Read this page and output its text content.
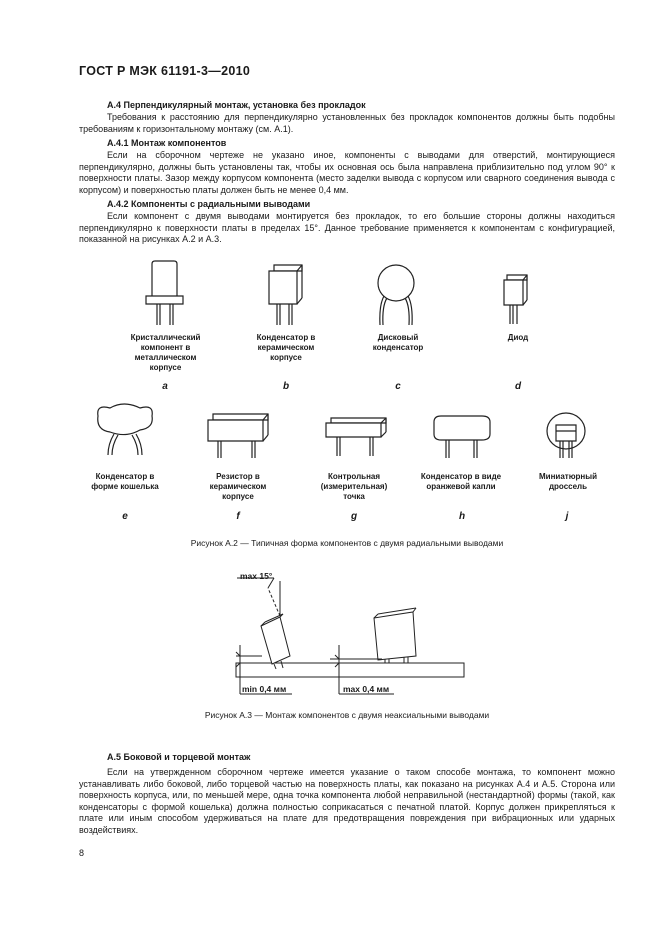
ГОСТ Р МЭК 61191-3—2010
А.4 Перпендикулярный монтаж, установка без прокладок
Требования к расстоянию для перпендикулярно установленных без прокладок компонентов должны быть подобны требованиям к горизонтальному монтажу (см. А.1).
А.4.1 Монтаж компонентов
Если на сборочном чертеже не указано иное, компоненты с выводами для отверстий, монтирующиеся перпендикулярно, должны быть установлены так, чтобы их основная ось была направлена приблизительно под углом 90° к поверхности платы. Зазор между корпусом компонента (место заделки вывода с корпусом или сварного соединения вывода с корпусом) и поверхностью платы должен быть не менее 0,4 мм.
А.4.2 Компоненты с радиальными выводами
Если компонент с двумя выводами монтируется без прокладок, то его большие стороны должны находиться перпендикулярно к поверхности платы в пределах 15°. Данное требование применяется к компонентам с конфигурацией, показанной на рисунках А.2 и А.3.
Кристаллический компонент в металлическом корпусе
a
Конденсатор в керамическом корпусе
b
Дисковый конденсатор
c
Диод
d
Конденсатор в форме кошелька
e
Резистор в керамическом корпусе
f
Контрольная (измерительная) точка
g
Конденсатор в виде оранжевой капли
h
Миниатюрный дроссель
j
Рисунок А.2 — Типичная форма компонентов с двумя радиальными выводами
max 15°
min 0,4 мм	max 0,4 мм
Рисунок А.3 — Монтаж компонентов с двумя неаксиальными выводами
А.5 Боковой и торцевой монтаж
Если на утвержденном сборочном чертеже имеется указание о таком способе монтажа, то компонент можно устанавливать либо боковой, либо торцевой частью на поверхность платы, как показано на рисунках А.4 и А.5. Сторона или поверхность корпуса, или, по меньшей мере, одна точка компонента любой неправильной (нестандартной) формы (такой, как конденсаторы с формой кошелька) должна полностью соприкасаться с печатной платой. Корпус должен прикрепляться к плате или иным способом удерживаться на плате для предотвращения повреждения при вибрационных или ударных воздействиях.
8
